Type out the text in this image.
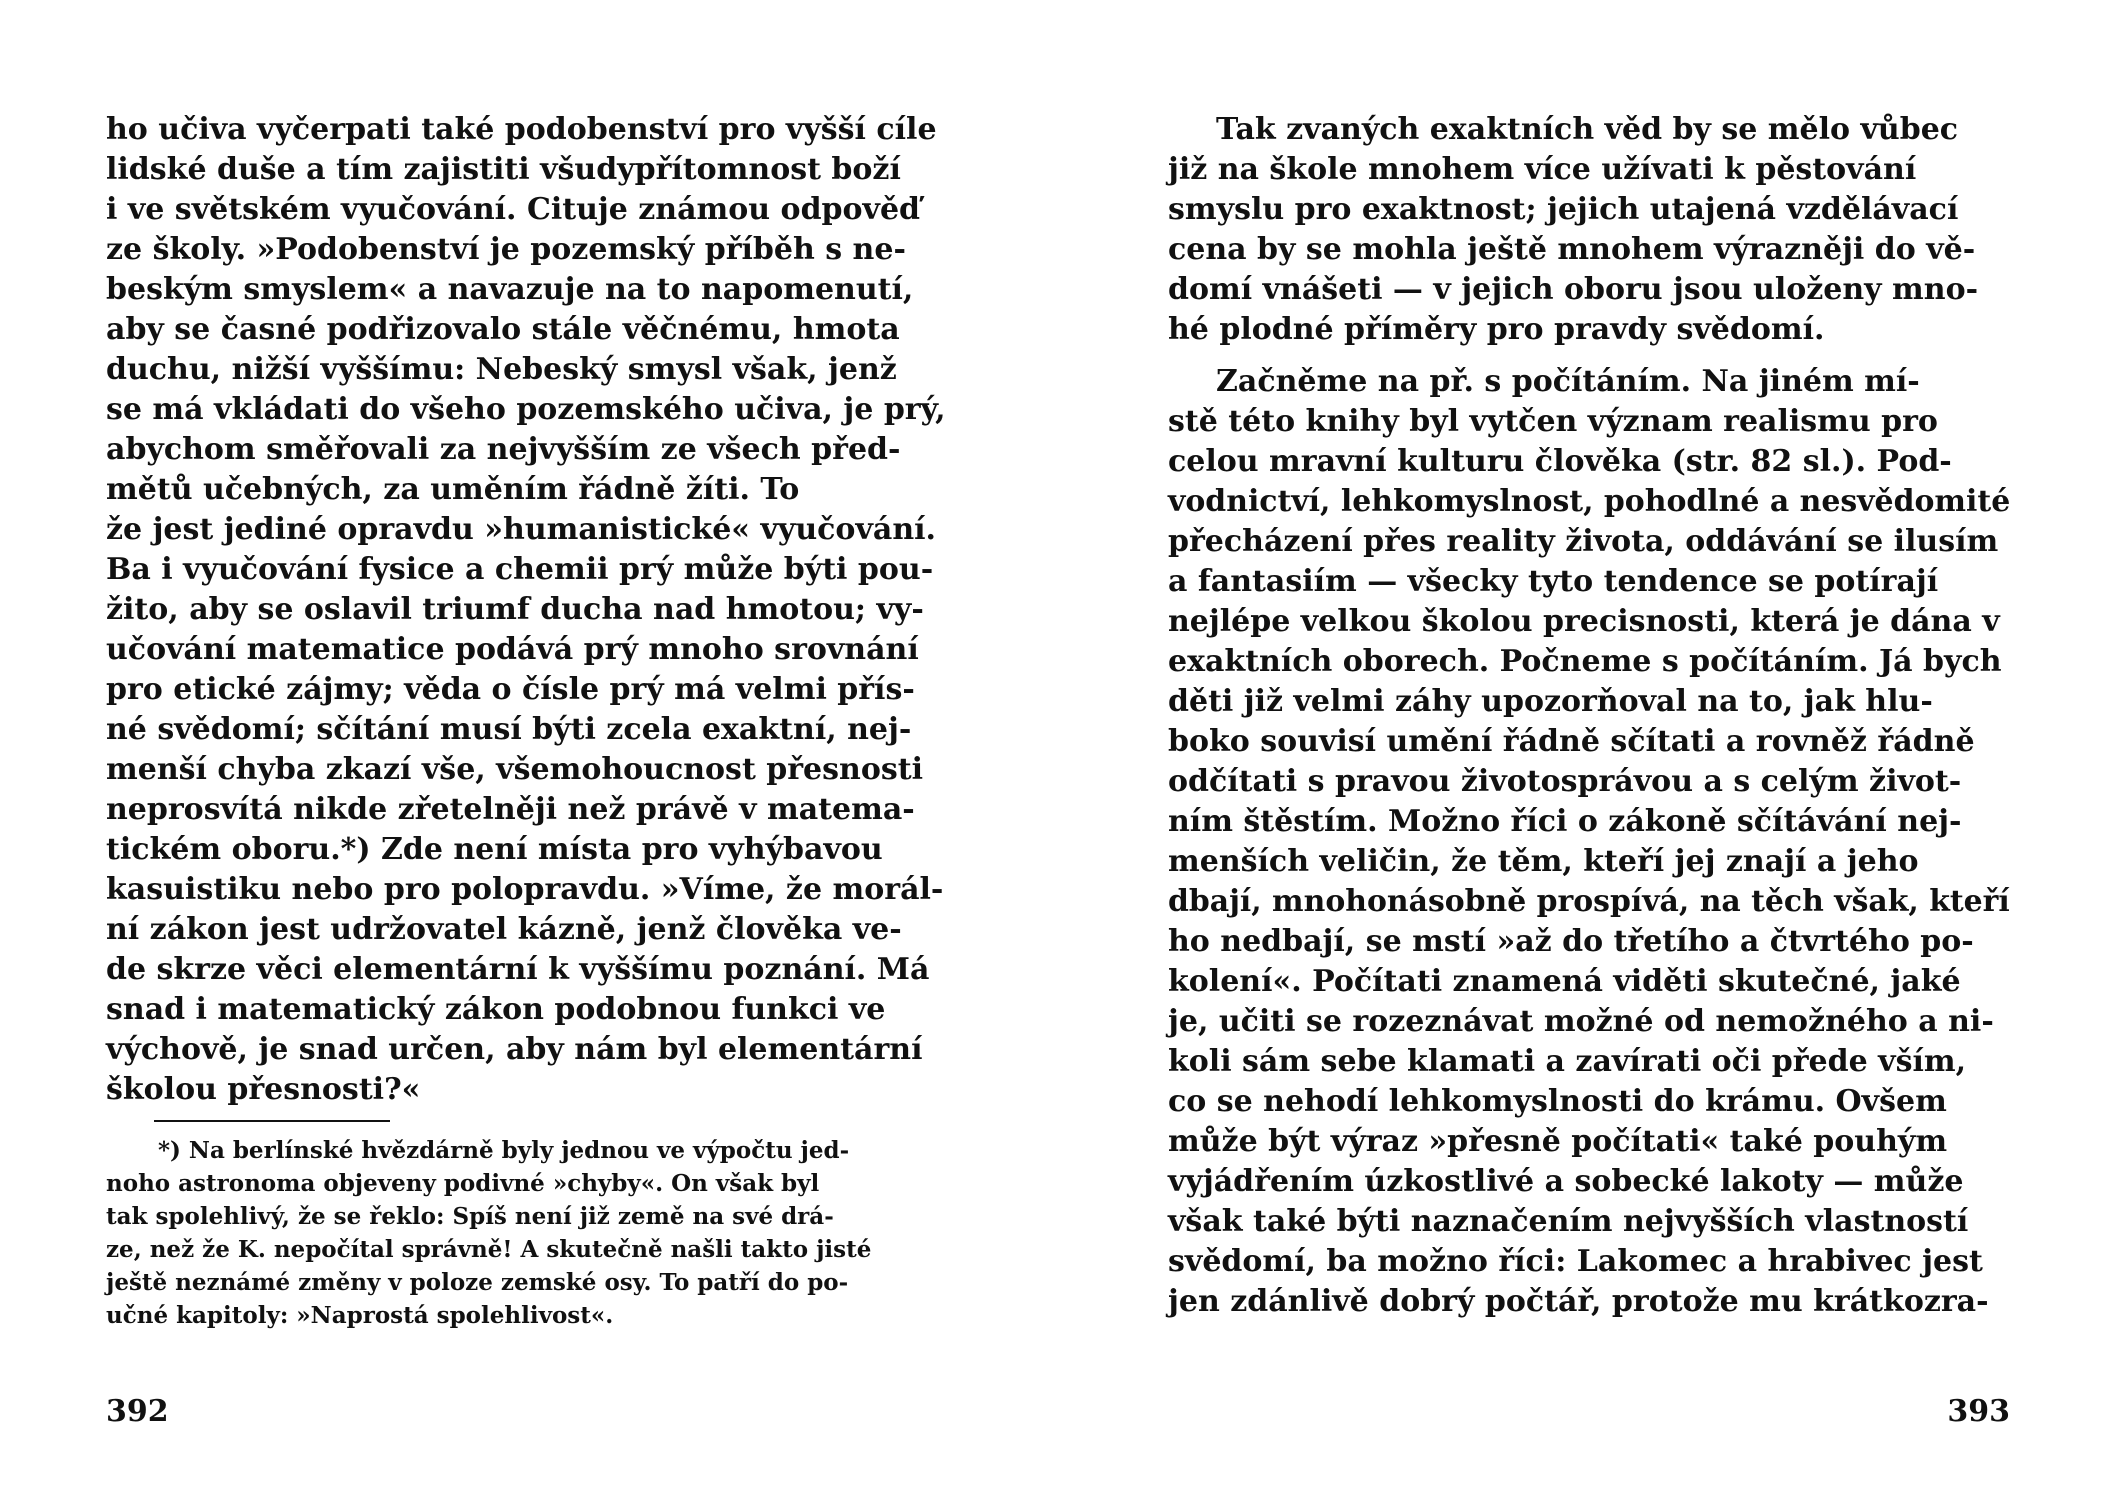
ho učiva vyčerpati také podobenství pro vyšší cíle
lidské duše a tím zajistiti všudypřítomnost boží
i ve světském vyučování. Cituje známou odpověď
ze školy. »Podobenství je pozemský příběh s ne-
beským smyslem« a navazuje na to napomenutí,
aby se časné podřizovalo stále věčnému, hmota
duchu, nižší vyššímu: Nebeský smysl však, jenž
se má vkládati do všeho pozemského učiva, je prý,
abychom směřovali za nejvyšším ze všech před-
mětů učebných, za uměním řádně žíti. To
že jest jediné opravdu »humanistické« vyučování.
Ba i vyučování fysice a chemii prý může býti pou-
žito, aby se oslavil triumf ducha nad hmotou; vy-
učování matematice podává prý mnoho srovnání
pro etické zájmy; věda o čísle prý má velmi přís-
né svědomí; sčítání musí býti zcela exaktní, nej-
menší chyba zkazí vše, všemohoucnost přesnosti
neprosvítá nikde zřetelněji než právě v matema-
tickém oboru.*) Zde není místa pro vyhýbavou
kasuistiku nebo pro polopravdu. »Víme, že morál-
ní zákon jest udržovatel kázně, jenž člověka ve-
de skrze věci elementární k vyššímu poznání. Má
snad i matematický zákon podobnou funkci ve
výchově, je snad určen, aby nám byl elementární
školou přesnosti?«
*) Na berlínské hvězdárně byly jednou ve výpočtu jed-
noho astronoma objeveny podivné »chyby«. On však byl
tak spolehlivý, že se řeklo: Spíš není již země na své drá-
ze, než že K. nepočítal správně! A skutečně našli takto jisté
ještě neznámé změny v poloze zemské osy. To patří do po-
učné kapitoly: »Naprostá spolehlivost«.
392
Tak zvaných exaktních věd by se mělo vůbec
již na škole mnohem více užívati k pěstování
smyslu pro exaktnost; jejich utajená vzdělávací
cena by se mohla ještě mnohem výrazněji do vě-
domí vnášeti — v jejich oboru jsou uloženy mno-
hé plodné příměry pro pravdy svědomí.
Začněme na př. s počítáním. Na jiném mí-
stě této knihy byl vytčen význam realismu pro
celou mravní kulturu člověka (str. 82 sl.). Pod-
vodnictví, lehkomyslnost, pohodlné a nesvědomité
přecházení přes reality života, oddávání se ilusím
a fantasiím — všecky tyto tendence se potírají
nejlépe velkou školou precisnosti, která je dána v
exaktních oborech. Počneme s počítáním. Já bych
děti již velmi záhy upozorňoval na to, jak hlu-
boko souvisí umění řádně sčítati a rovněž řádně
odčítati s pravou životosprávou a s celým život-
ním štěstím. Možno říci o zákoně sčítávání nej-
menších veličin, že těm, kteří jej znají a jeho
dbají, mnohonásobně prospívá, na těch však, kteří
ho nedbají, se mstí »až do třetího a čtvrtého po-
kolení«. Počítati znamená viděti skutečné, jaké
je, učiti se rozeznávat možné od nemožného a ni-
koli sám sebe klamati a zavírati oči přede vším,
co se nehodí lehkomyslnosti do krámu. Ovšem
může být výraz »přesně počítati« také pouhým
vyjádřením úzkostlivé a sobecké lakoty — může
však také býti naznačením nejvyšších vlastností
svědomí, ba možno říci: Lakomec a hrabivec jest
jen zdánlivě dobrý počtář, protože mu krátkozra-
393
